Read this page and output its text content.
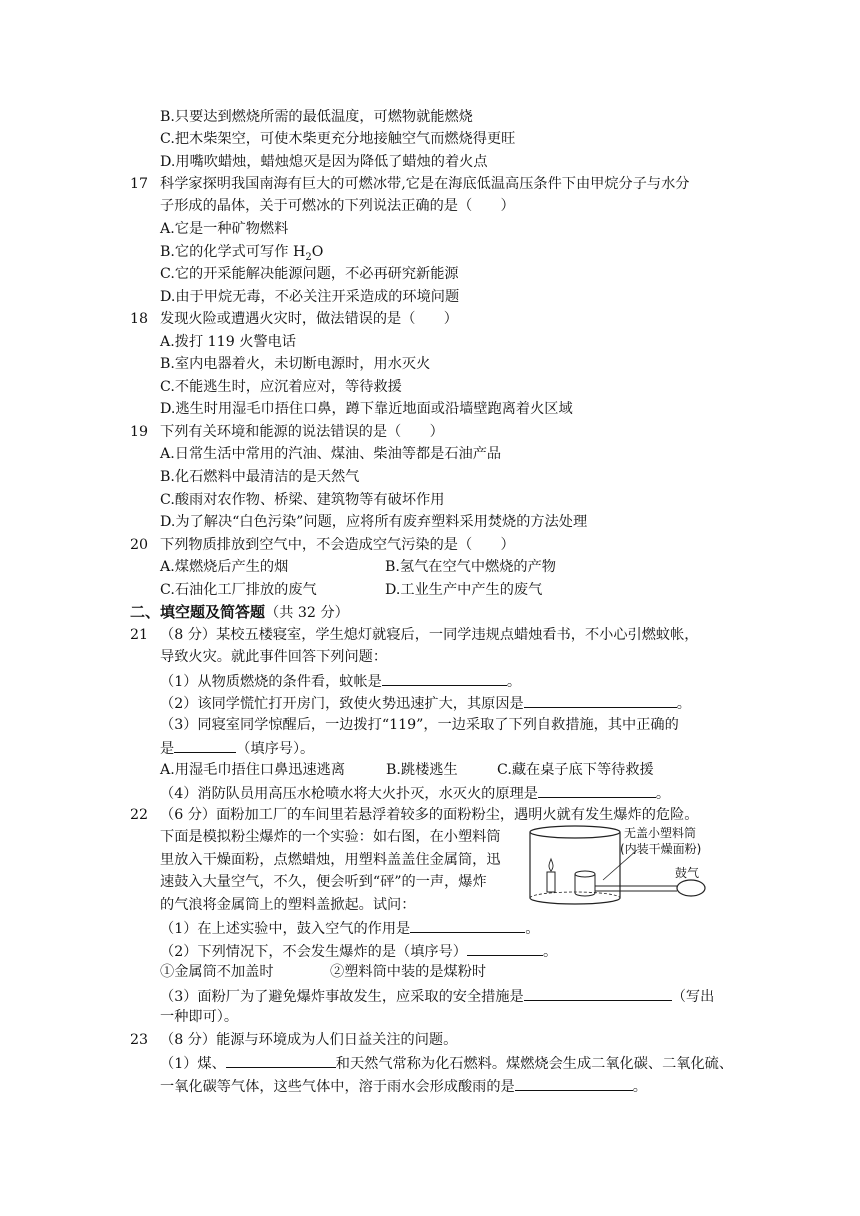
B.只要达到燃烧所需的最低温度，可燃物就能燃烧
C.把木柴架空，可使木柴更充分地接触空气而燃烧得更旺
D.用嘴吹蜡烛，蜡烛熄灭是因为降低了蜡烛的着火点
17 科学家探明我国南海有巨大的可燃冰带,它是在海底低温高压条件下由甲烷分子与水分
子形成的晶体，关于可燃冰的下列说法正确的是（　　）
A.它是一种矿物燃料
B.它的化学式可写作 $H_2O$
C.它的开采能解决能源问题，不必再研究新能源
D.由于甲烷无毒，不必关注开采造成的环境问题
18 发现火险或遭遇火灾时，做法错误的是（　　）
A.拨打 119 火警电话
B.室内电器着火，未切断电源时，用水灭火
C.不能逃生时，应沉着应对，等待救援
D.逃生时用湿毛巾捂住口鼻，蹲下靠近地面或沿墙壁跑离着火区域
19 下列有关环境和能源的说法错误的是（　　）
A.日常生活中常用的汽油、煤油、柴油等都是石油产品
B.化石燃料中最清洁的是天然气
C.酸雨对农作物、桥梁、建筑物等有破坏作用
D.为了解决“白色污染”问题，应将所有废弃塑料采用焚烧的方法处理
20 下列物质排放到空气中，不会造成空气污染的是（　　）
A.煤燃烧后产生的烟	B.氢气在空气中燃烧的产物
C.石油化工厂排放的废气	D.工业生产中产生的废气
二、填空题及简答题（共 32 分）
21 （8 分）某校五楼寝室，学生熄灯就寝后，一同学违规点蜡烛看书，不小心引燃蚊帐，
导致火灾。就此事件回答下列问题：
（1）从物质燃烧的条件看，蚊帐是	。
（2）该同学慌忙打开房门，致使火势迅速扩大，其原因是	。
（3）同寝室同学惊醒后，一边拨打“119”，一边采取了下列自救措施，其中正确的
是	（填序号）。
A.用湿毛巾捂住口鼻迅速逃离	B.跳楼逃生	C.藏在桌子底下等待救援
（4）消防队员用高压水枪喷水将大火扑灭，水灭火的原理是	。
22 （6 分）面粉加工厂的车间里若悬浮着较多的面粉粉尘，遇明火就有发生爆炸的危险。
下面是模拟粉尘爆炸的一个实验：如右图，在小塑料筒
里放入干燥面粉，点燃蜡烛，用塑料盖盖住金属筒，迅
速鼓入大量空气，不久，便会听到“砰”的一声，爆炸
的气浪将金属筒上的塑料盖掀起。试问：
（1）在上述实验中，鼓入空气的作用是	。
（2）下列情况下，不会发生爆炸的是（填序号）	。
①金属筒不加盖时	②塑料筒中装的是煤粉时
（3）面粉厂为了避免爆炸事故发生，应采取的安全措施是	（写出
一种即可）。
无盖小塑料筒
(内装干燥面粉)
鼓气
23 （8 分）能源与环境成为人们日益关注的问题。
（1）煤、	和天然气常称为化石燃料。煤燃烧会生成二氧化碳、二氧化硫、
一氧化碳等气体，这些气体中，溶于雨水会形成酸雨的是	。
